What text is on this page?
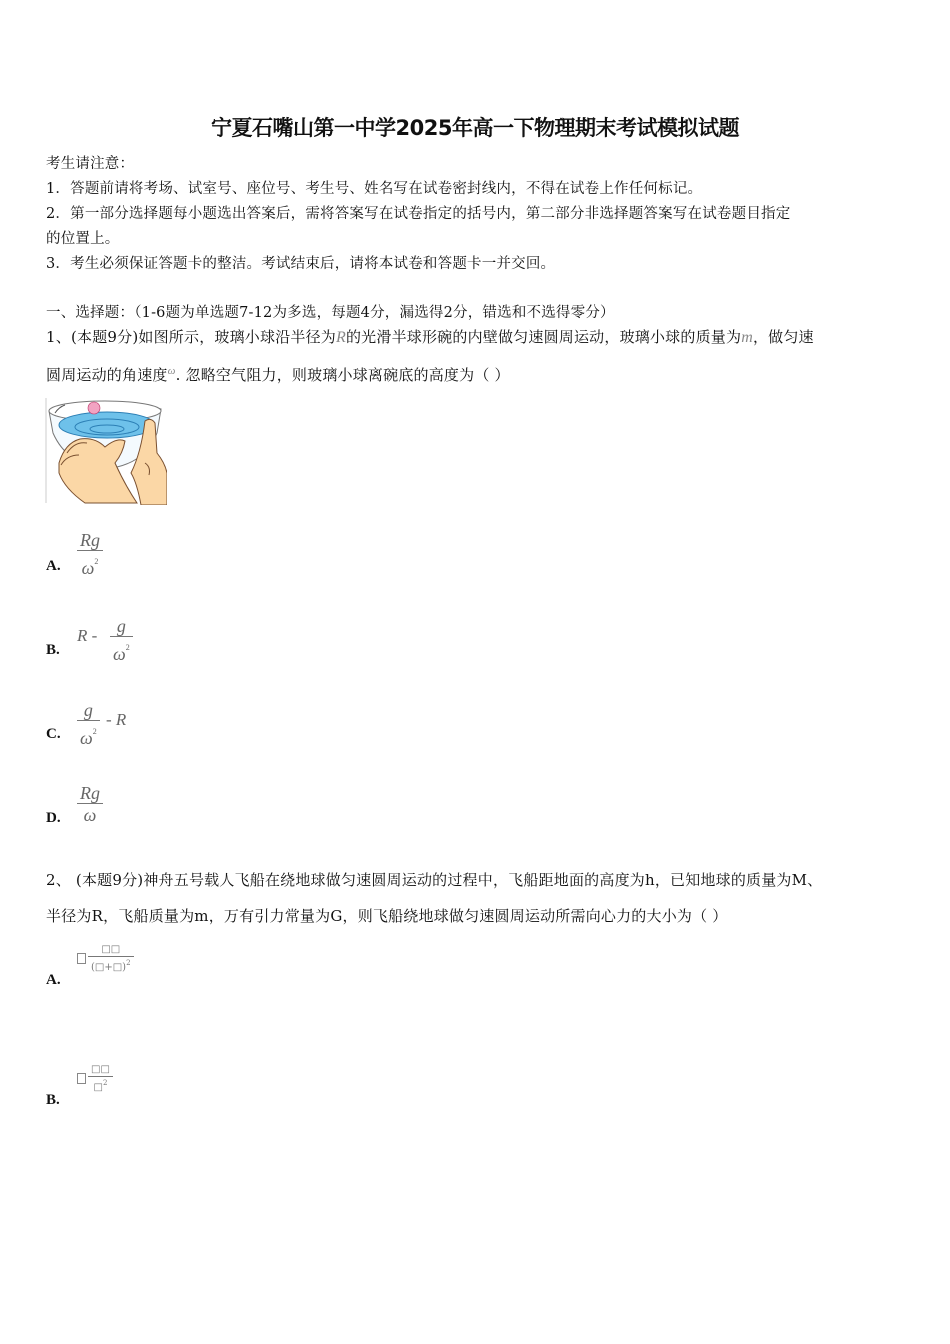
宁夏石嘴山第一中学2025年高一下物理期末考试模拟试题
考生请注意：
1．答题前请将考场、试室号、座位号、考生号、姓名写在试卷密封线内，不得在试卷上作任何标记。
2．第一部分选择题每小题选出答案后，需将答案写在试卷指定的括号内，第二部分非选择题答案写在试卷题目指定
的位置上。
3．考生必须保证答题卡的整洁。考试结束后，请将本试卷和答题卡一并交回。
一、选择题：（1-6题为单选题7-12为多选，每题4分，漏选得2分，错选和不选得零分）
1、(本题9分)如图所示，玻璃小球沿半径为R的光滑半球形碗的内壁做匀速圆周运动，玻璃小球的质量为m，做匀速
圆周运动的角速度$^\omega$. 忽略空气阻力，则玻璃小球离碗底的高度为（ ）
A.
Rg
$\omega^2$
B.
R - g
$\omega^2$
C.
g
$\omega^2$
- R
D.
Rg
ω
2、 (本题9分)神舟五号载人飞船在绕地球做匀速圆周运动的过程中，飞船距地面的高度为h，已知地球的质量为M、
半径为R，飞船质量为m，万有引力常量为G，则飞船绕地球做匀速圆周运动所需向心力的大小为（ ）
A.
□□
(□+□)$^2$
B.
□□
□$^2$
